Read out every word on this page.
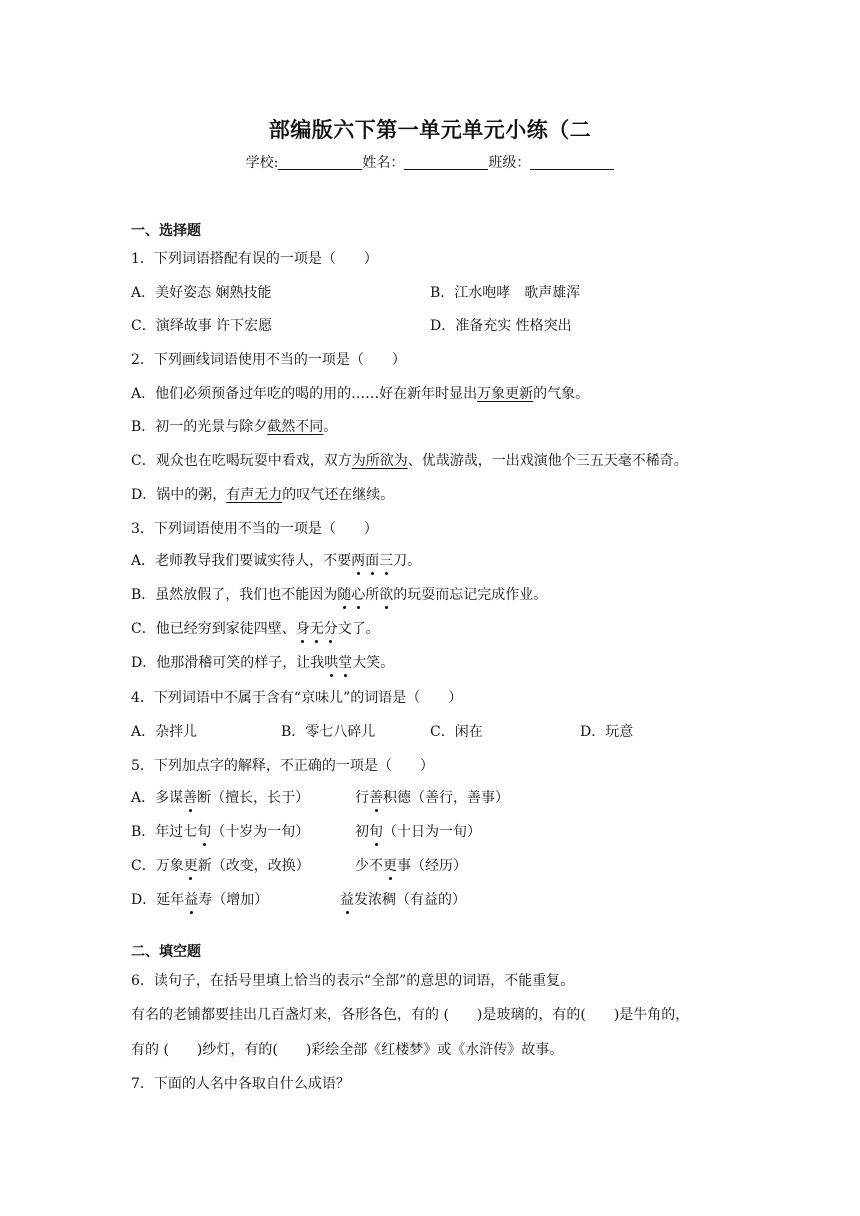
部编版六下第一单元单元小练（二
学校:	姓名：	班级：
一、选择题
1．下列词语搭配有误的一项是（　　）
A．美好姿态 娴熟技能	B．江水咆哮　歌声雄浑
C．演绎故事 许下宏愿	D．准备充实 性格突出
2．下列画线词语使用不当的一项是（　　）
A．他们必须预备过年吃的喝的用的……好在新年时显出万象更新的气象。
B．初一的光景与除夕截然不同。
C．观众也在吃喝玩耍中看戏，双方为所欲为、优哉游哉，一出戏演他个三五天毫不稀奇。
D．锅中的粥，有声无力的叹气还在继续。
3．下列词语使用不当的一项是（　　）
A．老师教导我们要诚实待人，不要两面三刀。
B．虽然放假了，我们也不能因为随心所欲的玩耍而忘记完成作业。
C．他已经穷到家徒四壁、身无分文了。
D．他那滑稽可笑的样子，让我哄堂大笑。
4．下列词语中不属于含有“京味儿”的词语是（　　）
A．杂拌儿	B．零七八碎儿	C．闲在	D．玩意
5．下列加点字的解释，不正确的一项是（　　）
A．多谋善断（擅长，长于）	行善积德（善行，善事）
B．年过七旬（十岁为一旬）	初旬（十日为一旬）
C．万象更新（改变，改换）	少不更事（经历）
D．延年益寿（增加）	益发浓稠（有益的）
二、填空题
6．读句子，在括号里填上恰当的表示“全部”的意思的词语，不能重复。
有名的老铺都要挂出几百盏灯来，各形各色，有的 (　　)是玻璃的，有的(　　)是牛角的，
有的 (　　)纱灯，有的(　　)彩绘全部《红楼梦》或《水浒传》故事。
7．下面的人名中各取自什么成语？
